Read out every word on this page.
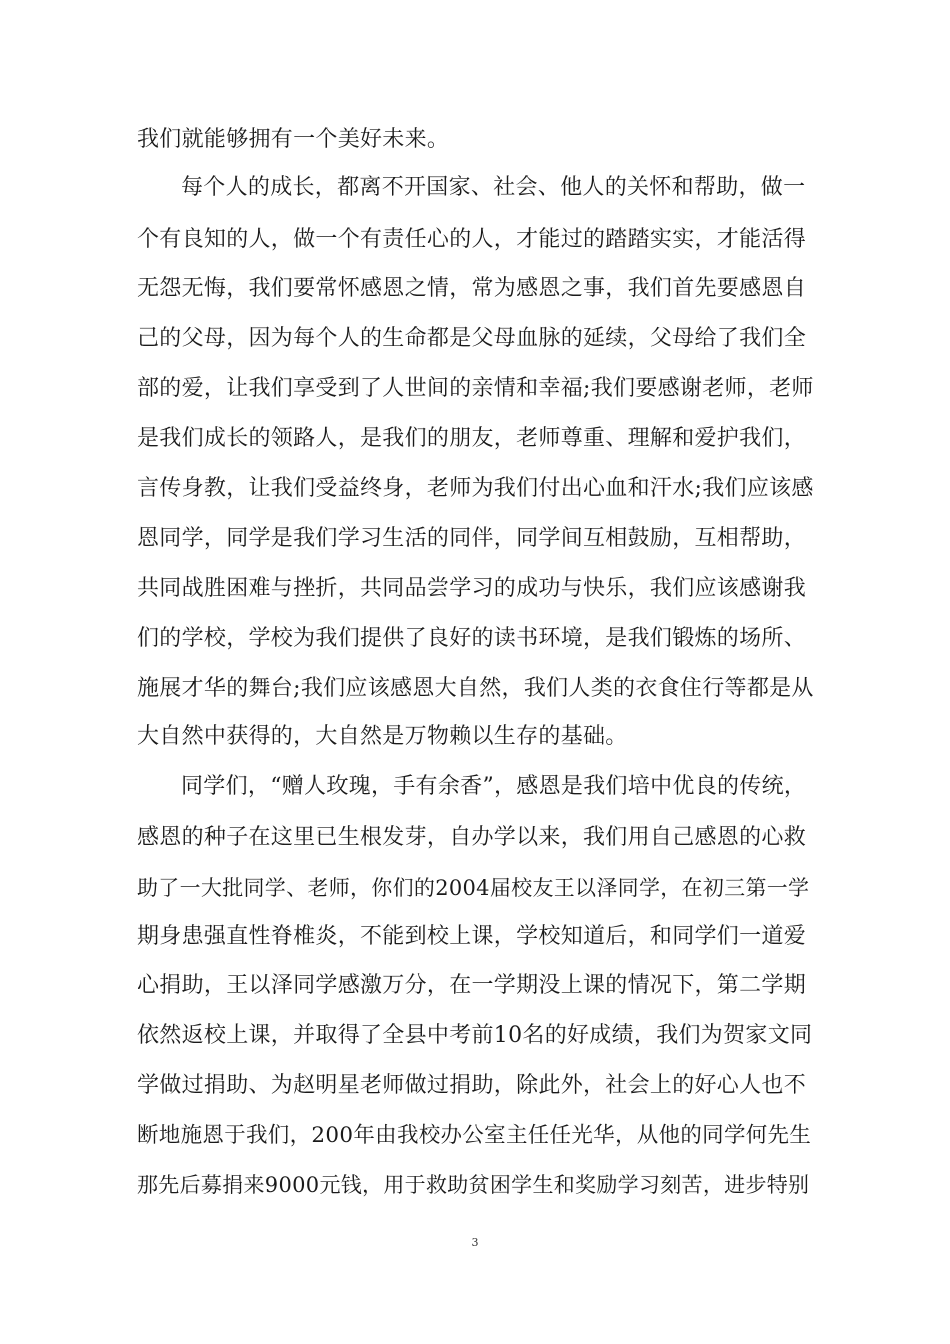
我们就能够拥有一个美好未来。
每个人的成长，都离不开国家、社会、他人的关怀和帮助，做一
个有良知的人，做一个有责任心的人，才能过的踏踏实实，才能活得
无怨无悔，我们要常怀感恩之情，常为感恩之事，我们首先要感恩自
己的父母，因为每个人的生命都是父母血脉的延续，父母给了我们全
部的爱，让我们享受到了人世间的亲情和幸福;我们要感谢老师，老师
是我们成长的领路人，是我们的朋友，老师尊重、理解和爱护我们，
言传身教，让我们受益终身，老师为我们付出心血和汗水;我们应该感
恩同学，同学是我们学习生活的同伴，同学间互相鼓励，互相帮助，
共同战胜困难与挫折，共同品尝学习的成功与快乐，我们应该感谢我
们的学校，学校为我们提供了良好的读书环境，是我们锻炼的场所、
施展才华的舞台;我们应该感恩大自然，我们人类的衣食住行等都是从
大自然中获得的，大自然是万物赖以生存的基础。
同学们，“赠人玫瑰，手有余香”，感恩是我们培中优良的传统，
感恩的种子在这里已生根发芽，自办学以来，我们用自己感恩的心救
助了一大批同学、老师，你们的2004届校友王以泽同学，在初三第一学
期身患强直性脊椎炎，不能到校上课，学校知道后，和同学们一道爱
心捐助，王以泽同学感激万分，在一学期没上课的情况下，第二学期
依然返校上课，并取得了全县中考前10名的好成绩，我们为贺家文同
学做过捐助、为赵明星老师做过捐助，除此外，社会上的好心人也不
断地施恩于我们，200年由我校办公室主任任光华，从他的同学何先生
那先后募捐来9000元钱，用于救助贫困学生和奖励学习刻苦，进步特别
3
